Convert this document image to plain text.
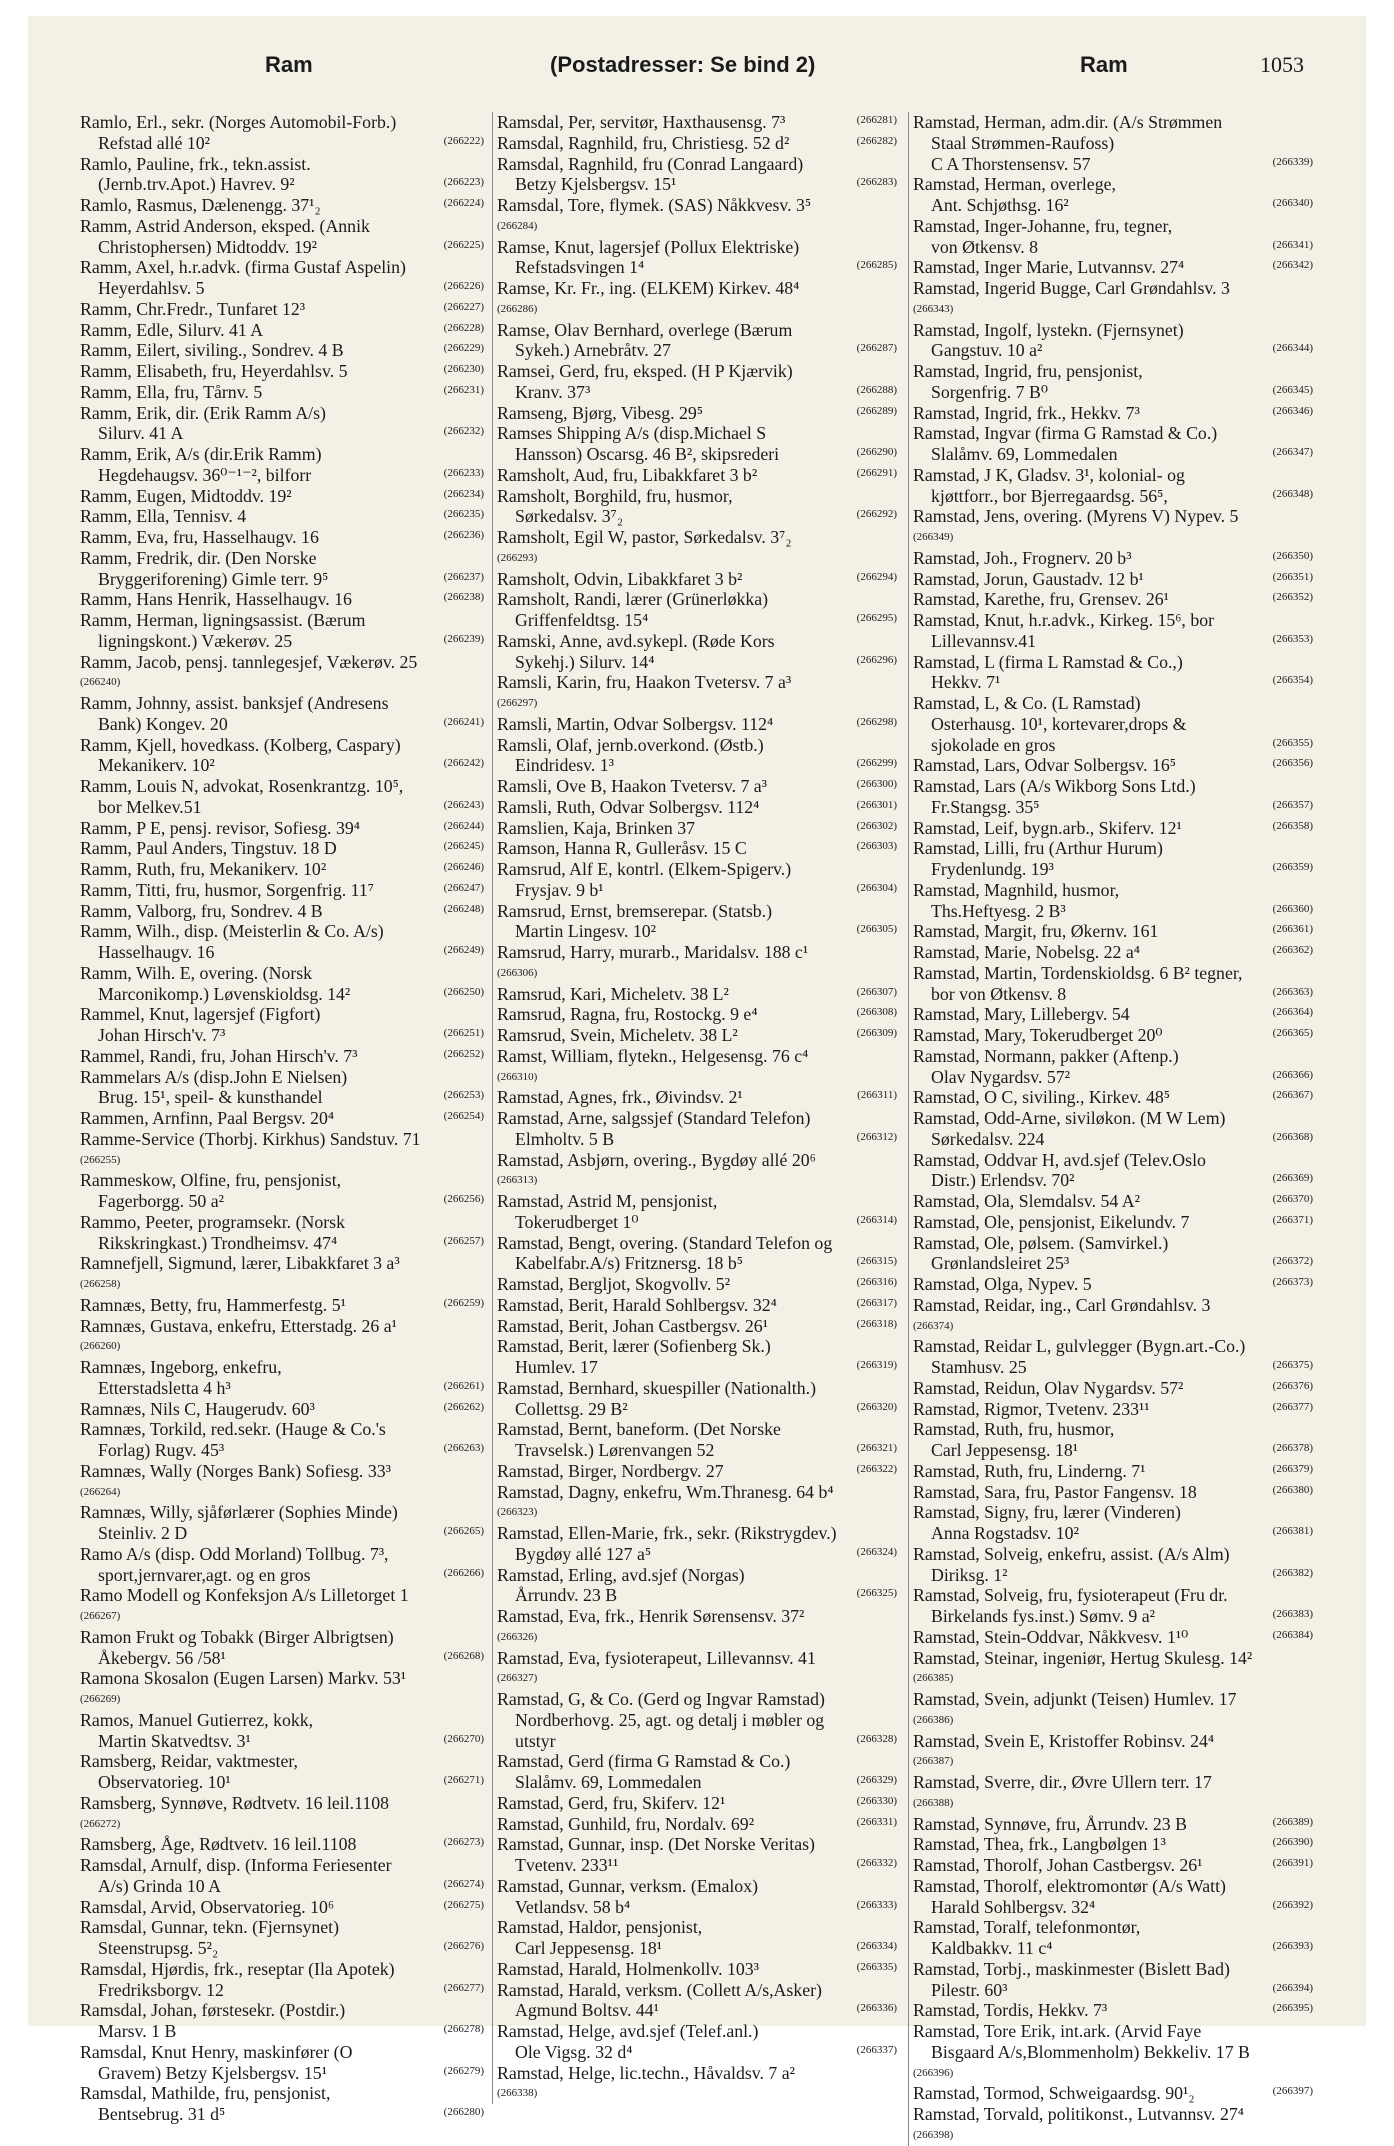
Ram	(Postadresser: Se bind 2)	Ram	1053
Ramlo, Erl., sekr. (Norges Automobil-Forb.)
Refstad allé 10²	(266222)
Ramlo, Pauline, frk., tekn.assist.
(Jernb.trv.Apot.) Havrev. 9²	(266223)
Ramlo, Rasmus, Dælenengg. 37¹₂	(266224)
Ramm, Astrid Anderson, eksped. (Annik
Christophersen) Midtoddv. 19²	(266225)
Ramm, Axel, h.r.advk. (firma Gustaf Aspelin)
Heyerdahlsv. 5	(266226)
Ramm, Chr.Fredr., Tunfaret 12³	(266227)
Ramm, Edle, Silurv. 41 A	(266228)
Ramm, Eilert, siviling., Sondrev. 4 B	(266229)
Ramm, Elisabeth, fru, Heyerdahlsv. 5	(266230)
Ramm, Ella, fru, Tårnv. 5	(266231)
Ramm, Erik, dir. (Erik Ramm A/s)
Silurv. 41 A	(266232)
Ramm, Erik, A/s (dir.Erik Ramm)
Hegdehaugsv. 36⁰⁻¹⁻², bilforr	(266233)
Ramm, Eugen, Midtoddv. 19²	(266234)
Ramm, Ella, Tennisv. 4	(266235)
Ramm, Eva, fru, Hasselhaugv. 16	(266236)
Ramm, Fredrik, dir. (Den Norske
Bryggeriforening) Gimle terr. 9⁵	(266237)
Ramm, Hans Henrik, Hasselhaugv. 16	(266238)
Ramm, Herman, ligningsassist. (Bærum
ligningskont.) Vækerøv. 25	(266239)
Ramm, Jacob, pensj. tannlegesjef, Vækerøv. 25
(266240)
Ramm, Johnny, assist. banksjef (Andresens
Bank) Kongev. 20	(266241)
Ramm, Kjell, hovedkass. (Kolberg, Caspary)
Mekanikerv. 10²	(266242)
Ramm, Louis N, advokat, Rosenkrantzg. 10⁵,
bor Melkev.51	(266243)
Ramm, P E, pensj. revisor, Sofiesg. 39⁴	(266244)
Ramm, Paul Anders, Tingstuv. 18 D	(266245)
Ramm, Ruth, fru, Mekanikerv. 10²	(266246)
Ramm, Titti, fru, husmor, Sorgenfrig. 11⁷	(266247)
Ramm, Valborg, fru, Sondrev. 4 B	(266248)
Ramm, Wilh., disp. (Meisterlin & Co. A/s)
Hasselhaugv. 16	(266249)
Ramm, Wilh. E, overing. (Norsk
Marconikomp.) Løvenskioldsg. 14²	(266250)
Rammel, Knut, lagersjef (Figfort)
Johan Hirsch'v. 7³	(266251)
Rammel, Randi, fru, Johan Hirsch'v. 7³	(266252)
Rammelars A/s (disp.John E Nielsen)
Brug. 15¹, speil- & kunsthandel	(266253)
Rammen, Arnfinn, Paal Bergsv. 20⁴	(266254)
Ramme-Service (Thorbj. Kirkhus) Sandstuv. 71
(266255)
Rammeskow, Olfine, fru, pensjonist,
Fagerborgg. 50 a²	(266256)
Rammo, Peeter, programsekr. (Norsk
Rikskringkast.) Trondheimsv. 47⁴	(266257)
Ramnefjell, Sigmund, lærer, Libakkfaret 3 a³
(266258)
Ramnæs, Betty, fru, Hammerfestg. 5¹	(266259)
Ramnæs, Gustava, enkefru, Etterstadg. 26 a¹
(266260)
Ramnæs, Ingeborg, enkefru,
Etterstadsletta 4 h³	(266261)
Ramnæs, Nils C, Haugerudv. 60³	(266262)
Ramnæs, Torkild, red.sekr. (Hauge & Co.'s
Forlag) Rugv. 45³	(266263)
Ramnæs, Wally (Norges Bank) Sofiesg. 33³
(266264)
Ramnæs, Willy, sjåførlærer (Sophies Minde)
Steinliv. 2 D	(266265)
Ramo A/s (disp. Odd Morland) Tollbug. 7³,
sport,jernvarer,agt. og en gros	(266266)
Ramo Modell og Konfeksjon A/s Lilletorget 1
(266267)
Ramon Frukt og Tobakk (Birger Albrigtsen)
Åkebergv. 56 /58¹	(266268)
Ramona Skosalon (Eugen Larsen) Markv. 53¹
(266269)
Ramos, Manuel Gutierrez, kokk,
Martin Skatvedtsv. 3¹	(266270)
Ramsberg, Reidar, vaktmester,
Observatorieg. 10¹	(266271)
Ramsberg, Synnøve, Rødtvetv. 16 leil.1108
(266272)
Ramsberg, Åge, Rødtvetv. 16 leil.1108	(266273)
Ramsdal, Arnulf, disp. (Informa Feriesenter
A/s) Grinda 10 A	(266274)
Ramsdal, Arvid, Observatorieg. 10⁶	(266275)
Ramsdal, Gunnar, tekn. (Fjernsynet)
Steenstrupsg. 5²₂	(266276)
Ramsdal, Hjørdis, frk., reseptar (Ila Apotek)
Fredriksborgv. 12	(266277)
Ramsdal, Johan, førstesekr. (Postdir.)
Marsv. 1 B	(266278)
Ramsdal, Knut Henry, maskinfører (O
Gravem) Betzy Kjelsbergsv. 15¹	(266279)
Ramsdal, Mathilde, fru, pensjonist,
Bentsebrug. 31 d⁵	(266280)
Ramsdal, Per, servitør, Haxthausensg. 7³	(266281)
Ramsdal, Ragnhild, fru, Christiesg. 52 d²	(266282)
Ramsdal, Ragnhild, fru (Conrad Langaard)
Betzy Kjelsbergsv. 15¹	(266283)
Ramsdal, Tore, flymek. (SAS) Nåkkvesv. 3⁵
(266284)
Ramse, Knut, lagersjef (Pollux Elektriske)
Refstadsvingen 1⁴	(266285)
Ramse, Kr. Fr., ing. (ELKEM) Kirkev. 48⁴
(266286)
Ramse, Olav Bernhard, overlege (Bærum
Sykeh.) Arnebråtv. 27	(266287)
Ramsei, Gerd, fru, eksped. (H P Kjærvik)
Kranv. 37³	(266288)
Ramseng, Bjørg, Vibesg. 29⁵	(266289)
Ramses Shipping A/s (disp.Michael S
Hansson) Oscarsg. 46 B², skipsrederi	(266290)
Ramsholt, Aud, fru, Libakkfaret 3 b²	(266291)
Ramsholt, Borghild, fru, husmor,
Sørkedalsv. 3⁷₂	(266292)
Ramsholt, Egil W, pastor, Sørkedalsv. 3⁷₂
(266293)
Ramsholt, Odvin, Libakkfaret 3 b²	(266294)
Ramsholt, Randi, lærer (Grünerløkka)
Griffenfeldtsg. 15⁴	(266295)
Ramski, Anne, avd.sykepl. (Røde Kors
Sykehj.) Silurv. 14⁴	(266296)
Ramsli, Karin, fru, Haakon Tvetersv. 7 a³
(266297)
Ramsli, Martin, Odvar Solbergsv. 112⁴	(266298)
Ramsli, Olaf, jernb.overkond. (Østb.)
Eindridesv. 1³	(266299)
Ramsli, Ove B, Haakon Tvetersv. 7 a³	(266300)
Ramsli, Ruth, Odvar Solbergsv. 112⁴	(266301)
Ramslien, Kaja, Brinken 37	(266302)
Ramson, Hanna R, Gulleråsv. 15 C	(266303)
Ramsrud, Alf E, kontrl. (Elkem-Spigerv.)
Frysjav. 9 b¹	(266304)
Ramsrud, Ernst, bremserepar. (Statsb.)
Martin Lingesv. 10²	(266305)
Ramsrud, Harry, murarb., Maridalsv. 188 c¹
(266306)
Ramsrud, Kari, Micheletv. 38 L²	(266307)
Ramsrud, Ragna, fru, Rostockg. 9 e⁴	(266308)
Ramsrud, Svein, Micheletv. 38 L²	(266309)
Ramst, William, flytekn., Helgesensg. 76 c⁴
(266310)
Ramstad, Agnes, frk., Øivindsv. 2¹	(266311)
Ramstad, Arne, salgssjef (Standard Telefon)
Elmholtv. 5 B	(266312)
Ramstad, Asbjørn, overing., Bygdøy allé 20⁶
(266313)
Ramstad, Astrid M, pensjonist,
Tokerudberget 1⁰	(266314)
Ramstad, Bengt, overing. (Standard Telefon og
Kabelfabr.A/s) Fritznersg. 18 b⁵	(266315)
Ramstad, Bergljot, Skogvollv. 5²	(266316)
Ramstad, Berit, Harald Sohlbergsv. 32⁴	(266317)
Ramstad, Berit, Johan Castbergsv. 26¹	(266318)
Ramstad, Berit, lærer (Sofienberg Sk.)
Humlev. 17	(266319)
Ramstad, Bernhard, skuespiller (Nationalth.)
Collettsg. 29 B²	(266320)
Ramstad, Bernt, baneform. (Det Norske
Travselsk.) Lørenvangen 52	(266321)
Ramstad, Birger, Nordbergv. 27	(266322)
Ramstad, Dagny, enkefru, Wm.Thranesg. 64 b⁴
(266323)
Ramstad, Ellen-Marie, frk., sekr. (Rikstrygdev.)
Bygdøy allé 127 a⁵	(266324)
Ramstad, Erling, avd.sjef (Norgas)
Årrundv. 23 B	(266325)
Ramstad, Eva, frk., Henrik Sørensensv. 37²
(266326)
Ramstad, Eva, fysioterapeut, Lillevannsv. 41
(266327)
Ramstad, G, & Co. (Gerd og Ingvar Ramstad)
Nordberhovg. 25, agt. og detalj i møbler og
utstyr	(266328)
Ramstad, Gerd (firma G Ramstad & Co.)
Slalåmv. 69, Lommedalen	(266329)
Ramstad, Gerd, fru, Skiferv. 12¹	(266330)
Ramstad, Gunhild, fru, Nordalv. 69²	(266331)
Ramstad, Gunnar, insp. (Det Norske Veritas)
Tvetenv. 233¹¹	(266332)
Ramstad, Gunnar, verksm. (Emalox)
Vetlandsv. 58 b⁴	(266333)
Ramstad, Haldor, pensjonist,
Carl Jeppesensg. 18¹	(266334)
Ramstad, Harald, Holmenkollv. 103³	(266335)
Ramstad, Harald, verksm. (Collett A/s,Asker)
Agmund Boltsv. 44¹	(266336)
Ramstad, Helge, avd.sjef (Telef.anl.)
Ole Vigsg. 32 d⁴	(266337)
Ramstad, Helge, lic.techn., Håvaldsv. 7 a²
(266338)
Ramstad, Herman, adm.dir. (A/s Strømmen
Staal Strømmen-Raufoss)
C A Thorstensensv. 57	(266339)
Ramstad, Herman, overlege,
Ant. Schjøthsg. 16²	(266340)
Ramstad, Inger-Johanne, fru, tegner,
von Øtkensv. 8	(266341)
Ramstad, Inger Marie, Lutvannsv. 27⁴	(266342)
Ramstad, Ingerid Bugge, Carl Grøndahlsv. 3
(266343)
Ramstad, Ingolf, lystekn. (Fjernsynet)
Gangstuv. 10 a²	(266344)
Ramstad, Ingrid, fru, pensjonist,
Sorgenfrig. 7 B⁰	(266345)
Ramstad, Ingrid, frk., Hekkv. 7³	(266346)
Ramstad, Ingvar (firma G Ramstad & Co.)
Slalåmv. 69, Lommedalen	(266347)
Ramstad, J K, Gladsv. 3¹, kolonial- og
kjøttforr., bor Bjerregaardsg. 56⁵,	(266348)
Ramstad, Jens, overing. (Myrens V) Nypev. 5
(266349)
Ramstad, Joh., Frognerv. 20 b³	(266350)
Ramstad, Jorun, Gaustadv. 12 b¹	(266351)
Ramstad, Karethe, fru, Grensev. 26¹	(266352)
Ramstad, Knut, h.r.advk., Kirkeg. 15⁶, bor
Lillevannsv.41	(266353)
Ramstad, L (firma L Ramstad & Co.,)
Hekkv. 7¹	(266354)
Ramstad, L, & Co. (L Ramstad)
Osterhausg. 10¹, kortevarer,drops &
sjokolade en gros	(266355)
Ramstad, Lars, Odvar Solbergsv. 16⁵	(266356)
Ramstad, Lars (A/s Wikborg Sons Ltd.)
Fr.Stangsg. 35⁵	(266357)
Ramstad, Leif, bygn.arb., Skiferv. 12¹	(266358)
Ramstad, Lilli, fru (Arthur Hurum)
Frydenlundg. 19³	(266359)
Ramstad, Magnhild, husmor,
Ths.Heftyesg. 2 B³	(266360)
Ramstad, Margit, fru, Økernv. 161	(266361)
Ramstad, Marie, Nobelsg. 22 a⁴	(266362)
Ramstad, Martin, Tordenskioldsg. 6 B² tegner,
bor von Øtkensv. 8	(266363)
Ramstad, Mary, Lillebergv. 54	(266364)
Ramstad, Mary, Tokerudberget 20⁰	(266365)
Ramstad, Normann, pakker (Aftenp.)
Olav Nygardsv. 57²	(266366)
Ramstad, O C, siviling., Kirkev. 48⁵	(266367)
Ramstad, Odd-Arne, siviløkon. (M W Lem)
Sørkedalsv. 224	(266368)
Ramstad, Oddvar H, avd.sjef (Telev.Oslo
Distr.) Erlendsv. 70²	(266369)
Ramstad, Ola, Slemdalsv. 54 A²	(266370)
Ramstad, Ole, pensjonist, Eikelundv. 7	(266371)
Ramstad, Ole, pølsem. (Samvirkel.)
Grønlandsleiret 25³	(266372)
Ramstad, Olga, Nypev. 5	(266373)
Ramstad, Reidar, ing., Carl Grøndahlsv. 3
(266374)
Ramstad, Reidar L, gulvlegger (Bygn.art.-Co.)
Stamhusv. 25	(266375)
Ramstad, Reidun, Olav Nygardsv. 57²	(266376)
Ramstad, Rigmor, Tvetenv. 233¹¹	(266377)
Ramstad, Ruth, fru, husmor,
Carl Jeppesensg. 18¹	(266378)
Ramstad, Ruth, fru, Linderng. 7¹	(266379)
Ramstad, Sara, fru, Pastor Fangensv. 18	(266380)
Ramstad, Signy, fru, lærer (Vinderen)
Anna Rogstadsv. 10²	(266381)
Ramstad, Solveig, enkefru, assist. (A/s Alm)
Diriksg. 1²	(266382)
Ramstad, Solveig, fru, fysioterapeut (Fru dr.
Birkelands fys.inst.) Sømv. 9 a²	(266383)
Ramstad, Stein-Oddvar, Nåkkvesv. 1¹⁰	(266384)
Ramstad, Steinar, ingeniør, Hertug Skulesg. 14²
(266385)
Ramstad, Svein, adjunkt (Teisen) Humlev. 17
(266386)
Ramstad, Svein E, Kristoffer Robinsv. 24⁴
(266387)
Ramstad, Sverre, dir., Øvre Ullern terr. 17
(266388)
Ramstad, Synnøve, fru, Årrundv. 23 B	(266389)
Ramstad, Thea, frk., Langbølgen 1³	(266390)
Ramstad, Thorolf, Johan Castbergsv. 26¹	(266391)
Ramstad, Thorolf, elektromontør (A/s Watt)
Harald Sohlbergsv. 32⁴	(266392)
Ramstad, Toralf, telefonmontør,
Kaldbakkv. 11 c⁴	(266393)
Ramstad, Torbj., maskinmester (Bislett Bad)
Pilestr. 60³	(266394)
Ramstad, Tordis, Hekkv. 7³	(266395)
Ramstad, Tore Erik, int.ark. (Arvid Faye
Bisgaard A/s,Blommenholm) Bekkeliv. 17 B
(266396)
Ramstad, Tormod, Schweigaardsg. 90¹₂	(266397)
Ramstad, Torvald, politikonst., Lutvannsv. 27⁴
(266398)
